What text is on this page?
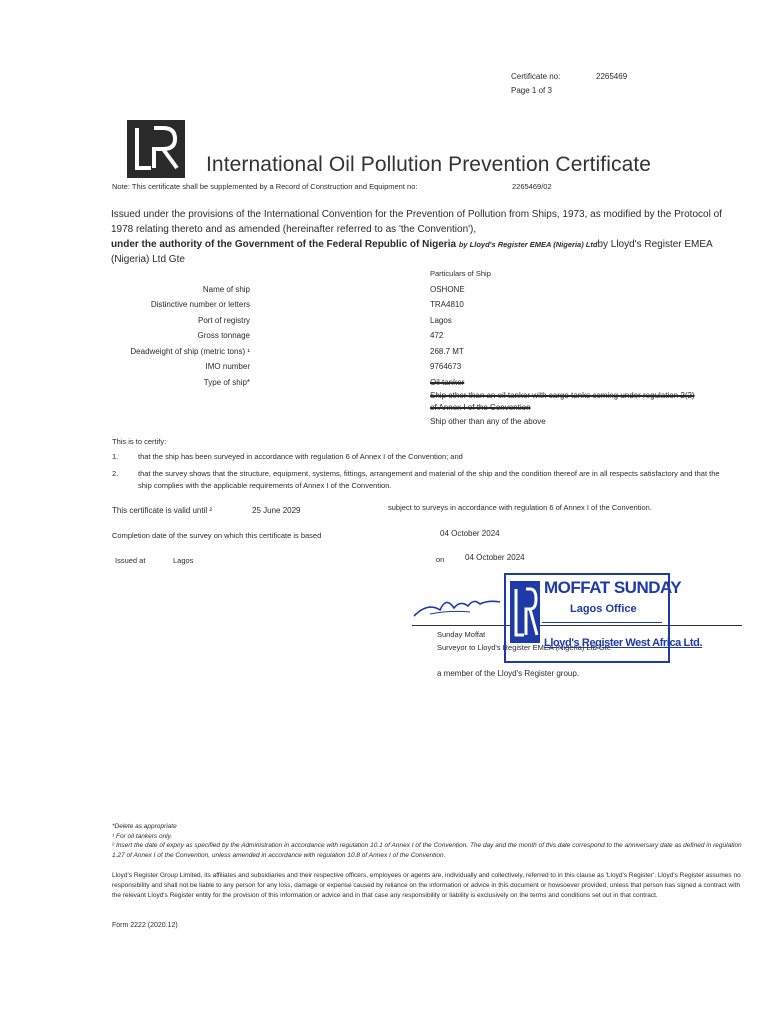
Certificate no:	2265469
Page 1 of 3
International Oil Pollution Prevention Certificate
Note: This certificate shall be supplemented by a Record of Construction and Equipment no:	2265469/02
Issued under the provisions of the International Convention for the Prevention of Pollution from Ships, 1973, as modified by the Protocol of 1978 relating thereto and as amended (hereinafter referred to as 'the Convention'),
under the authority of the Government of the Federal Republic of Nigeria by Lloyd's Register EMEA (Nigeria) Ltdby Lloyd's Register EMEA (Nigeria) Ltd Gte
Particulars of Ship
Name of ship	OSHONE
Distinctive number or letters	TRA4810
Port of registry	Lagos
Gross tonnage	472
Deadweight of ship (metric tons) ¹	268.7 MT
IMO number	9764673
Type of ship*	Oil tanker
Ship other than an oil tanker with cargo tanks coming under regulation 2(2)
of Annex I of the Convention
Ship other than any of the above
This is to certify:
1.	that the ship has been surveyed in accordance with regulation 6 of Annex I of the Convention; and
2.	that the survey shows that the structure, equipment, systems, fittings, arrangement and material of the ship and the condition thereof are in all respects satisfactory and that the ship complies with the applicable requirements of Annex I of the Convention.
This certificate is valid until ²	25 June 2029	subject to surveys in accordance with regulation 6 of Annex I of the Convention.
Completion date of the survey on which this certificate is based	04 October 2024
Issued at	Lagos	on	04 October 2024
Sunday Moffat
Surveyor to Lloyd's Register EMEA (Nigeria) Ltd Gte
MOFFAT SUNDAY
Lagos Office
Lloyd's Register West Africa Ltd.
a member of the Lloyd's Register group.
*Delete as appropriate
¹ For oil tankers only.
² Insert the date of expiry as specified by the Administration in accordance with regulation 10.1 of Annex I of the Convention. The day and the month of this date correspond to the anniversary date as defined in regulation 1.27 of Annex I of the Convention, unless amended in accordance with regulation 10.8 of Annex I of the Convention.
Lloyd's Register Group Limited, its affiliates and subsidiaries and their respective officers, employees or agents are, individually and collectively, referred to in this clause as 'Lloyd's Register'. Lloyd's Register assumes no responsibility and shall not be liable to any person for any loss, damage or expense caused by reliance on the information or advice in this document or howsoever provided, unless that person has signed a contract with the relevant Lloyd's Register entity for the provision of this information or advice and in that case any responsibility or liability is exclusively on the terms and conditions set out in that contract.
Form 2222 (2020.12)
